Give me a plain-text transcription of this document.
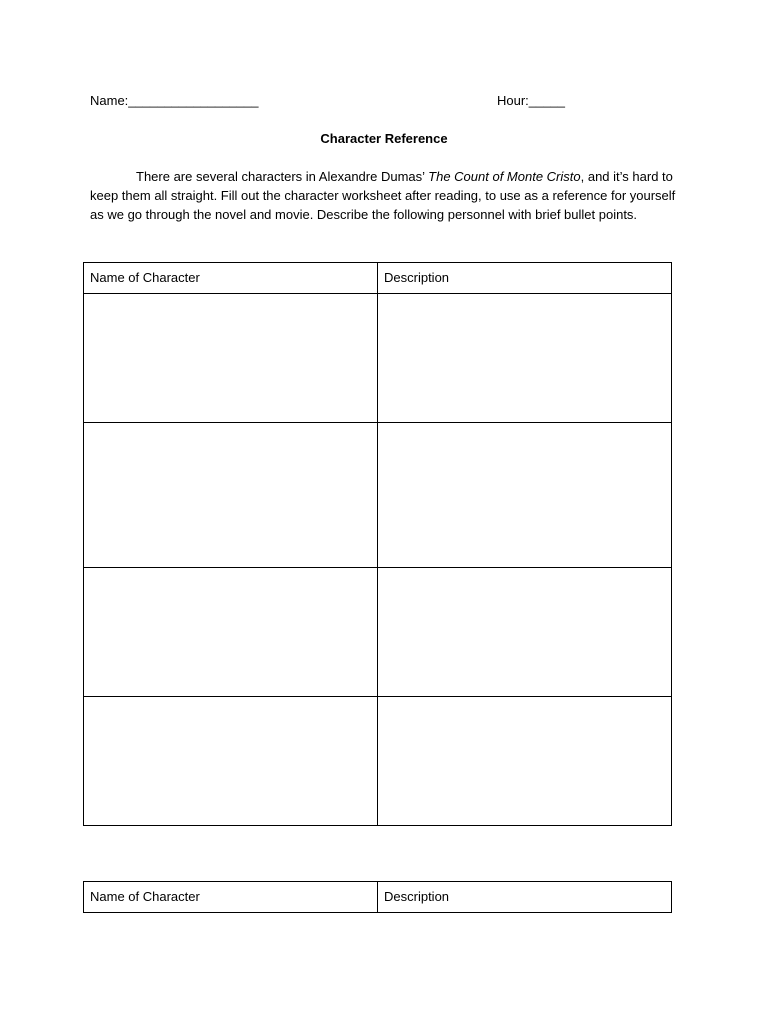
Name:__________________	Hour:_____
Character Reference

There are several characters in Alexandre Dumas’ The Count of Monte Cristo, and it’s hard to keep them all straight. Fill out the character worksheet after reading, to use as a reference for yourself as we go through the novel and movie. Describe the following personnel with brief bullet points.

Name of Character	Description

Name of Character	Description
